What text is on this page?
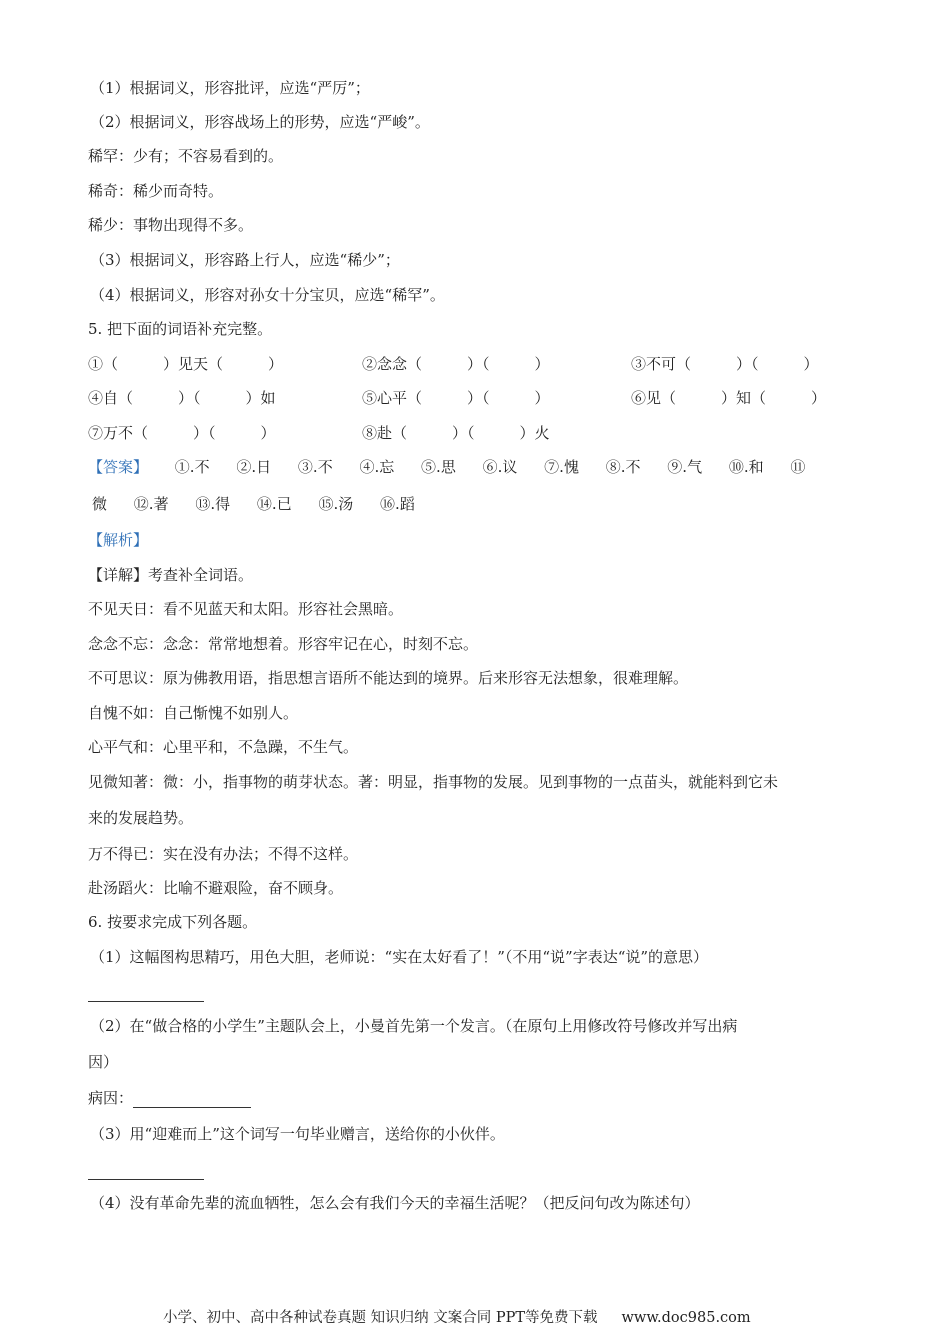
（1）根据词义，形容批评，应选“严厉”；
（2）根据词义，形容战场上的形势，应选“严峻”。
稀罕：少有；不容易看到的。
稀奇：稀少而奇特。
稀少：事物出现得不多。
（3）根据词义，形容路上行人，应选“稀少”；
（4）根据词义，形容对孙女十分宝贝，应选“稀罕”。
5. 把下面的词语补充完整。
①（　　　）见天（　　　）	②念念（　　　）（　　　）	③不可（　　　）（　　　）
④自（　　　）（　　　）如	⑤心平（　　　）（　　　）	⑥见（　　　）知（　　　）
⑦万不（　　　）（　　　）	⑧赴（　　　）（　　　）火
【答案】 ①.不 ②.日 ③.不 ④.忘 ⑤.思 ⑥.议 ⑦.愧 ⑧.不 ⑨.气 ⑩.和 ⑪
微 ⑫.著 ⑬.得 ⑭.已 ⑮.汤 ⑯.蹈
【解析】
【详解】考查补全词语。
不见天日：看不见蓝天和太阳。形容社会黑暗。
念念不忘：念念：常常地想着。形容牢记在心，时刻不忘。
不可思议：原为佛教用语，指思想言语所不能达到的境界。后来形容无法想象，很难理解。
自愧不如：自己惭愧不如别人。
心平气和：心里平和，不急躁，不生气。
见微知著：微：小，指事物的萌芽状态。著：明显，指事物的发展。见到事物的一点苗头，就能料到它未
来的发展趋势。
万不得已：实在没有办法；不得不这样。
赴汤蹈火：比喻不避艰险，奋不顾身。
6. 按要求完成下列各题。
（1）这幅图构思精巧，用色大胆，老师说：“实在太好看了！”（不用“说”字表达“说”的意思）
（2）在“做合格的小学生”主题队会上，小曼首先第一个发言。（在原句上用修改符号修改并写出病
因）
病因：
（3）用“迎难而上”这个词写一句毕业赠言，送给你的小伙伴。
（4）没有革命先辈的流血牺牲，怎么会有我们今天的幸福生活呢？（把反问句改为陈述句）
小学、初中、高中各种试卷真题 知识归纳 文案合同 PPT等免费下载 www.doc985.com
